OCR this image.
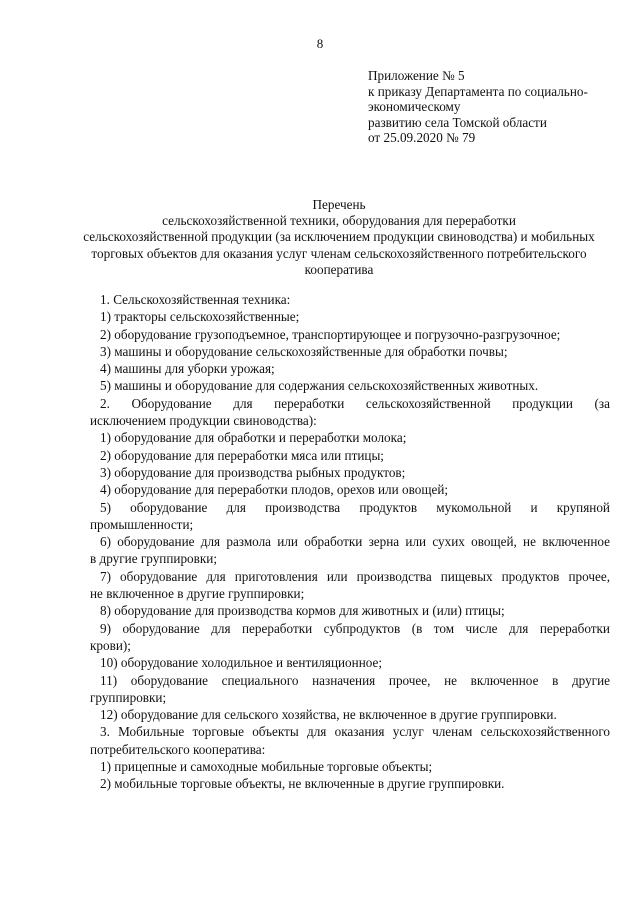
8
Приложение № 5
к приказу Департамента по социально-
экономическому
развитию села Томской области
от 25.09.2020 № 79
Перечень
сельскохозяйственной техники, оборудования для переработки
сельскохозяйственной продукции (за исключением продукции свиноводства) и мобильных
торговых объектов для оказания услуг членам сельскохозяйственного потребительского
кооператива
1. Сельскохозяйственная техника:
1) тракторы сельскохозяйственные;
2) оборудование грузоподъемное, транспортирующее и погрузочно-разгрузочное;
3) машины и оборудование сельскохозяйственные для обработки почвы;
4) машины для уборки урожая;
5) машины и оборудование для содержания сельскохозяйственных животных.
2. Оборудование для переработки сельскохозяйственной продукции (за
исключением продукции свиноводства):
1) оборудование для обработки и переработки молока;
2) оборудование для переработки мяса или птицы;
3) оборудование для производства рыбных продуктов;
4) оборудование для переработки плодов, орехов или овощей;
5) оборудование для производства продуктов мукомольной и крупяной
промышленности;
6) оборудование для размола или обработки зерна или сухих овощей, не включенное
в другие группировки;
7) оборудование для приготовления или производства пищевых продуктов прочее,
не включенное в другие группировки;
8) оборудование для производства кормов для животных и (или) птицы;
9) оборудование для переработки субпродуктов (в том числе для переработки
крови);
10) оборудование холодильное и вентиляционное;
11) оборудование специального назначения прочее, не включенное в другие
группировки;
12) оборудование для сельского хозяйства, не включенное в другие группировки.
3. Мобильные торговые объекты для оказания услуг членам сельскохозяйственного
потребительского кооператива:
1) прицепные и самоходные мобильные торговые объекты;
2) мобильные торговые объекты, не включенные в другие группировки.
